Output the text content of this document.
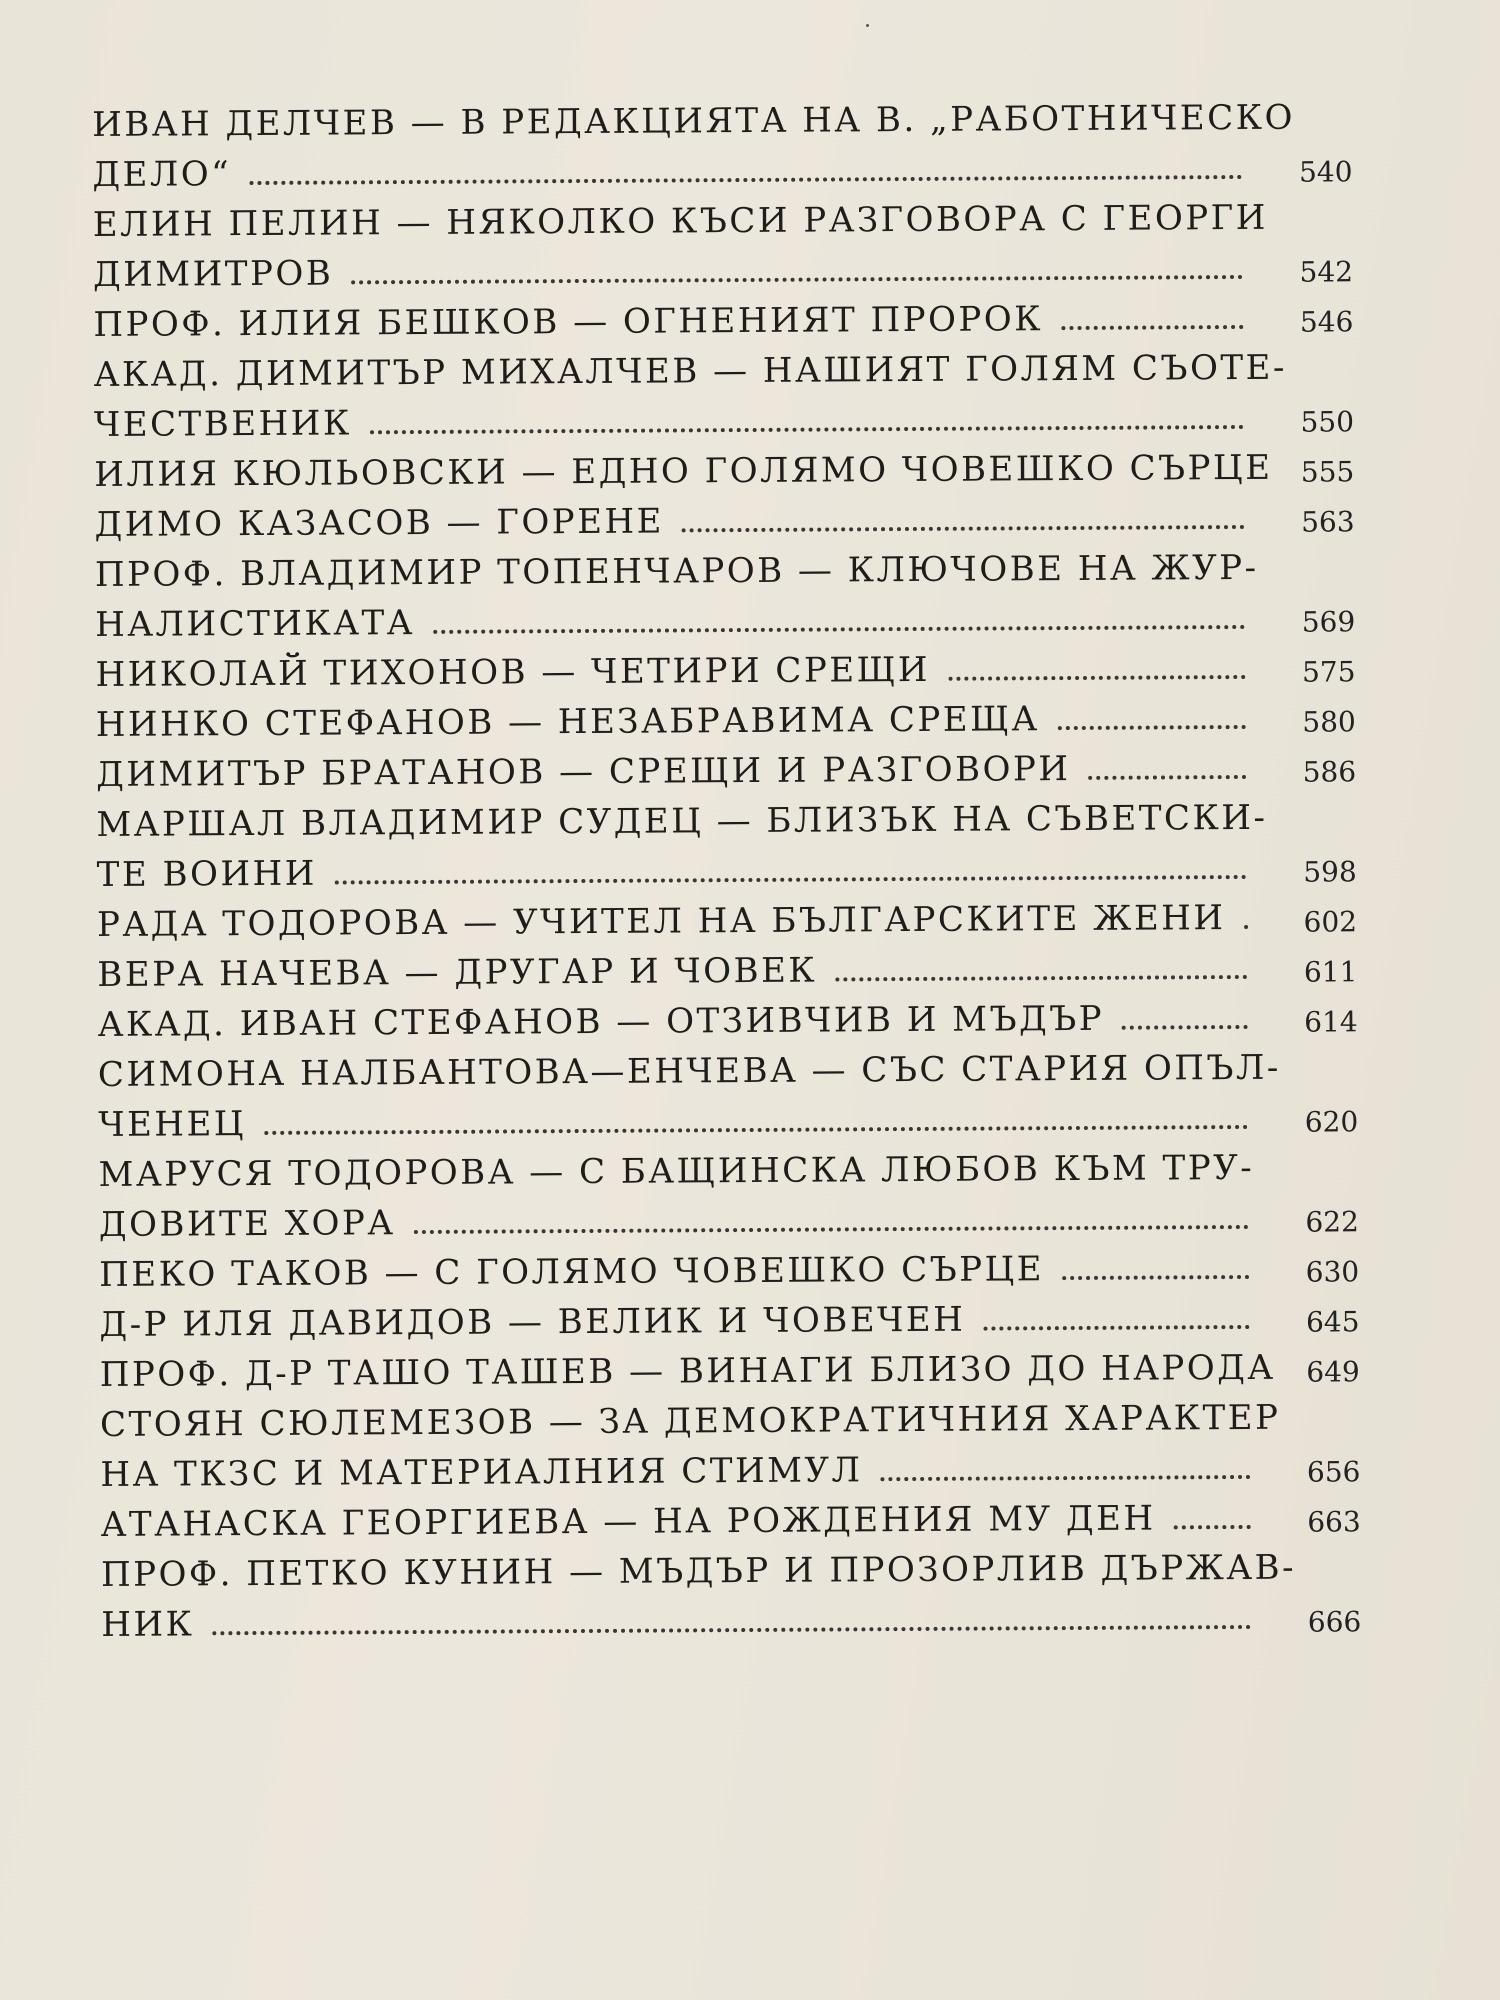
ИВАН ДЕЛЧЕВ — В РЕДАКЦИЯТА НА В. „РАБОТНИЧЕСКО
ДЕЛО“	540
ЕЛИН ПЕЛИН — НЯКОЛКО КЪСИ РАЗГОВОРА С ГЕОРГИ
ДИМИТРОВ	542
ПРОФ. ИЛИЯ БЕШКОВ — ОГНЕНИЯТ ПРОРОК	546
АКАД. ДИМИТЪР МИХАЛЧЕВ — НАШИЯТ ГОЛЯМ СЪОТЕ-
ЧЕСТВЕНИК	550
ИЛИЯ КЮЛЬОВСКИ — ЕДНО ГОЛЯМО ЧОВЕШКО СЪРЦЕ 555
ДИМО КАЗАСОВ — ГОРЕНЕ	563
ПРОФ. ВЛАДИМИР ТОПЕНЧАРОВ — КЛЮЧОВЕ НА ЖУР-
НАЛИСТИКАТА	569
НИКОЛАЙ ТИХОНОВ — ЧЕТИРИ СРЕЩИ	575
НИНКО СТЕФАНОВ — НЕЗАБРАВИМА СРЕЩА	580
ДИМИТЪР БРАТАНОВ — СРЕЩИ И РАЗГОВОРИ	586
МАРШАЛ ВЛАДИМИР СУДЕЦ — БЛИЗЪК НА СЪВЕТСКИ-
ТЕ ВОИНИ	598
РАДА ТОДОРОВА — УЧИТЕЛ НА БЪЛГАРСКИТЕ ЖЕНИ	602
ВЕРА НАЧЕВА — ДРУГАР И ЧОВЕК	611
АКАД. ИВАН СТЕФАНОВ — ОТЗИВЧИВ И МЪДЪР	614
СИМОНА НАЛБАНТОВА—ЕНЧЕВА — СЪС СТАРИЯ ОПЪЛ-
ЧЕНЕЦ	620
МАРУСЯ ТОДОРОВА — С БАЩИНСКА ЛЮБОВ КЪМ ТРУ-
ДОВИТЕ ХОРА	622
ПЕКО ТАКОВ — С ГОЛЯМО ЧОВЕШКО СЪРЦЕ	630
Д-Р ИЛЯ ДАВИДОВ — ВЕЛИК И ЧОВЕЧЕН	645
ПРОФ. Д-Р ТАШО ТАШЕВ — ВИНАГИ БЛИЗО ДО НАРОДА 649
СТОЯН СЮЛЕМЕЗОВ — ЗА ДЕМОКРАТИЧНИЯ ХАРАКТЕР
НА ТКЗС И МАТЕРИАЛНИЯ СТИМУЛ	656
АТАНАСКА ГЕОРГИЕВА — НА РОЖДЕНИЯ МУ ДЕН	663
ПРОФ. ПЕТКО КУНИН — МЪДЪР И ПРОЗОРЛИВ ДЪРЖАВ-
НИК	666
